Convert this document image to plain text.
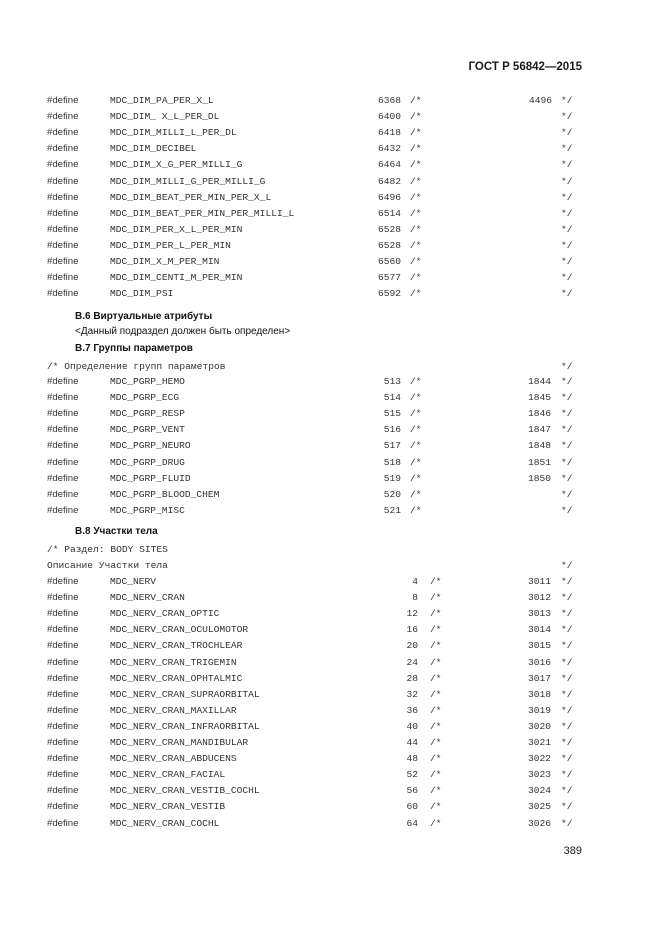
ГОСТ Р 56842—2015
#define	MDC_DIM_PA_PER_X_L	6368 /*	4496 */
#define	MDC_DIM_ X_L_PER_DL	6400 /*	*/
#define	MDC_DIM_MILLI_L_PER_DL	6418 /*	*/
#define	MDC_DIM_DECIBEL	6432 /*	*/
#define	MDC_DIM_X_G_PER_MILLI_G	6464 /*	*/
#define	MDC_DIM_MILLI_G_PER_MILLI_G	6482 /*	*/
#define	MDC_DIM_BEAT_PER_MIN_PER_X_L	6496 /*	*/
#define	MDC_DIM_BEAT_PER_MIN_PER_MILLI_L	6514 /*	*/
#define	MDC_DIM_PER_X_L_PER_MIN	6528 /*	*/
#define	MDC_DIM_PER_L_PER_MIN	6528 /*	*/
#define	MDC_DIM_X_M_PER_MIN	6560 /*	*/
#define	MDC_DIM_CENTI_M_PER_MIN	6577 /*	*/
#define	MDC_DIM_PSI	6592 /*	*/
В.6 Виртуальные атрибуты
<Данный подраздел должен быть определен>
В.7 Группы параметров
/* Определение групп параметров	*/
#define	MDC_PGRP_HEMO	513 /*	1844 */
#define	MDC_PGRP_ECG	514 /*	1845 */
#define	MDC_PGRP_RESP	515 /*	1846 */
#define	MDC_PGRP_VENT	516 /*	1847 */
#define	MDC_PGRP_NEURO	517 /*	1848 */
#define	MDC_PGRP_DRUG	518 /*	1851 */
#define	MDC_PGRP_FLUID	519 /*	1850 */
#define	MDC_PGRP_BLOOD_CHEM	520 /*	*/
#define	MDC_PGRP_MISC	521 /*	*/
В.8 Участки тела
/* Раздел: BODY SITES
Описание Участки тела	*/
#define	MDC_NERV	4 /*	3011 */
#define	MDC_NERV_CRAN	8 /*	3012 */
#define	MDC_NERV_CRAN_OPTIC	12 /*	3013 */
#define	MDC_NERV_CRAN_OCULOMOTOR	16 /*	3014 */
#define	MDC_NERV_CRAN_TROCHLEAR	20 /*	3015 */
#define	MDC_NERV_CRAN_TRIGEMIN	24 /*	3016 */
#define	MDC_NERV_CRAN_OPHTALMIC	28 /*	3017 */
#define	MDC_NERV_CRAN_SUPRAORBITAL	32 /*	3018 */
#define	MDC_NERV_CRAN_MAXILLAR	36 /*	3019 */
#define	MDC_NERV_CRAN_INFRAORBITAL	40 /*	3020 */
#define	MDC_NERV_CRAN_MANDIBULAR	44 /*	3021 */
#define	MDC_NERV_CRAN_ABDUCENS	48 /*	3022 */
#define	MDC_NERV_CRAN_FACIAL	52 /*	3023 */
#define	MDC_NERV_CRAN_VESTIB_COCHL	56 /*	3024 */
#define	MDC_NERV_CRAN_VESTIB	60 /*	3025 */
#define	MDC_NERV_CRAN_COCHL	64 /*	3026 */
389
